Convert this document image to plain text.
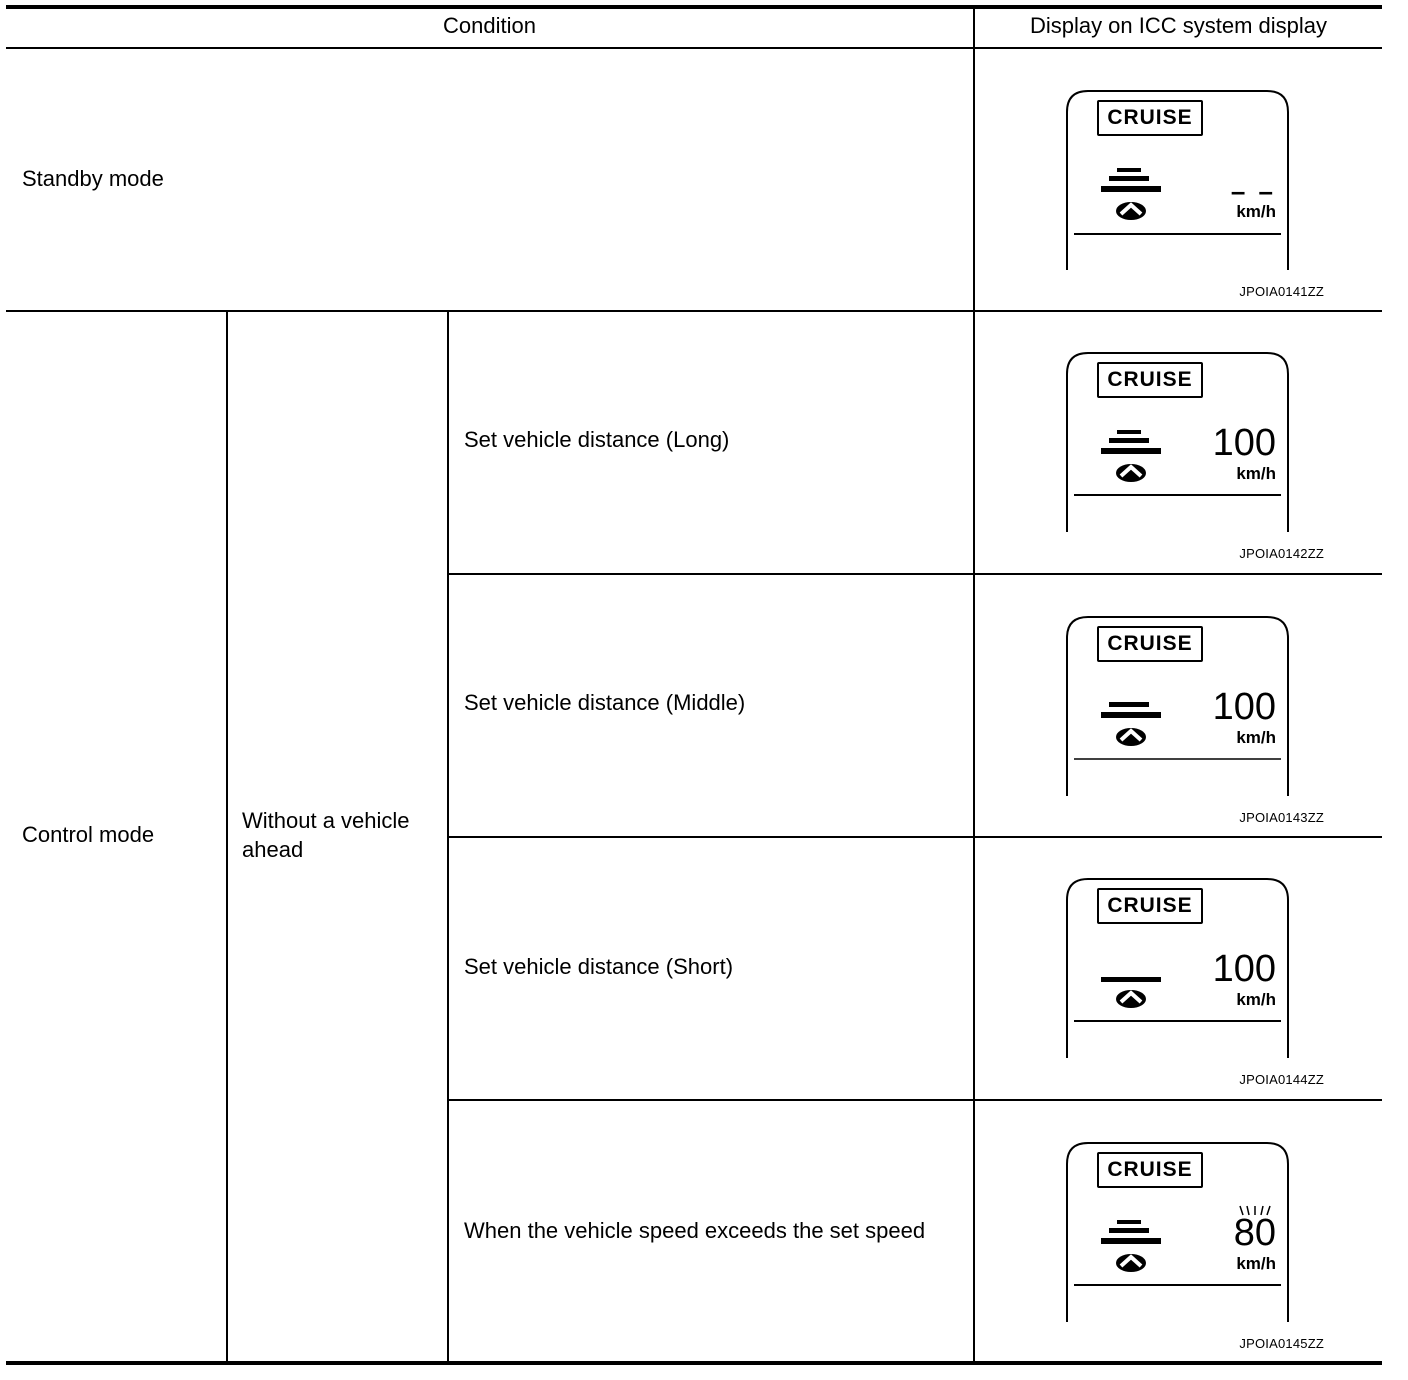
Condition	Display on ICC system display
Standby mode
Control mode
Without a vehicle ahead
Set vehicle distance (Long)
Set vehicle distance (Middle)
Set vehicle distance (Short)
When the vehicle speed exceeds the set speed
CRUISE
– –
km/h
JPOIA0141ZZ
CRUISE
100
km/h
JPOIA0142ZZ
CRUISE
100
km/h
JPOIA0143ZZ
CRUISE
100
km/h
JPOIA0144ZZ
CRUISE
80
km/h
JPOIA0145ZZ
